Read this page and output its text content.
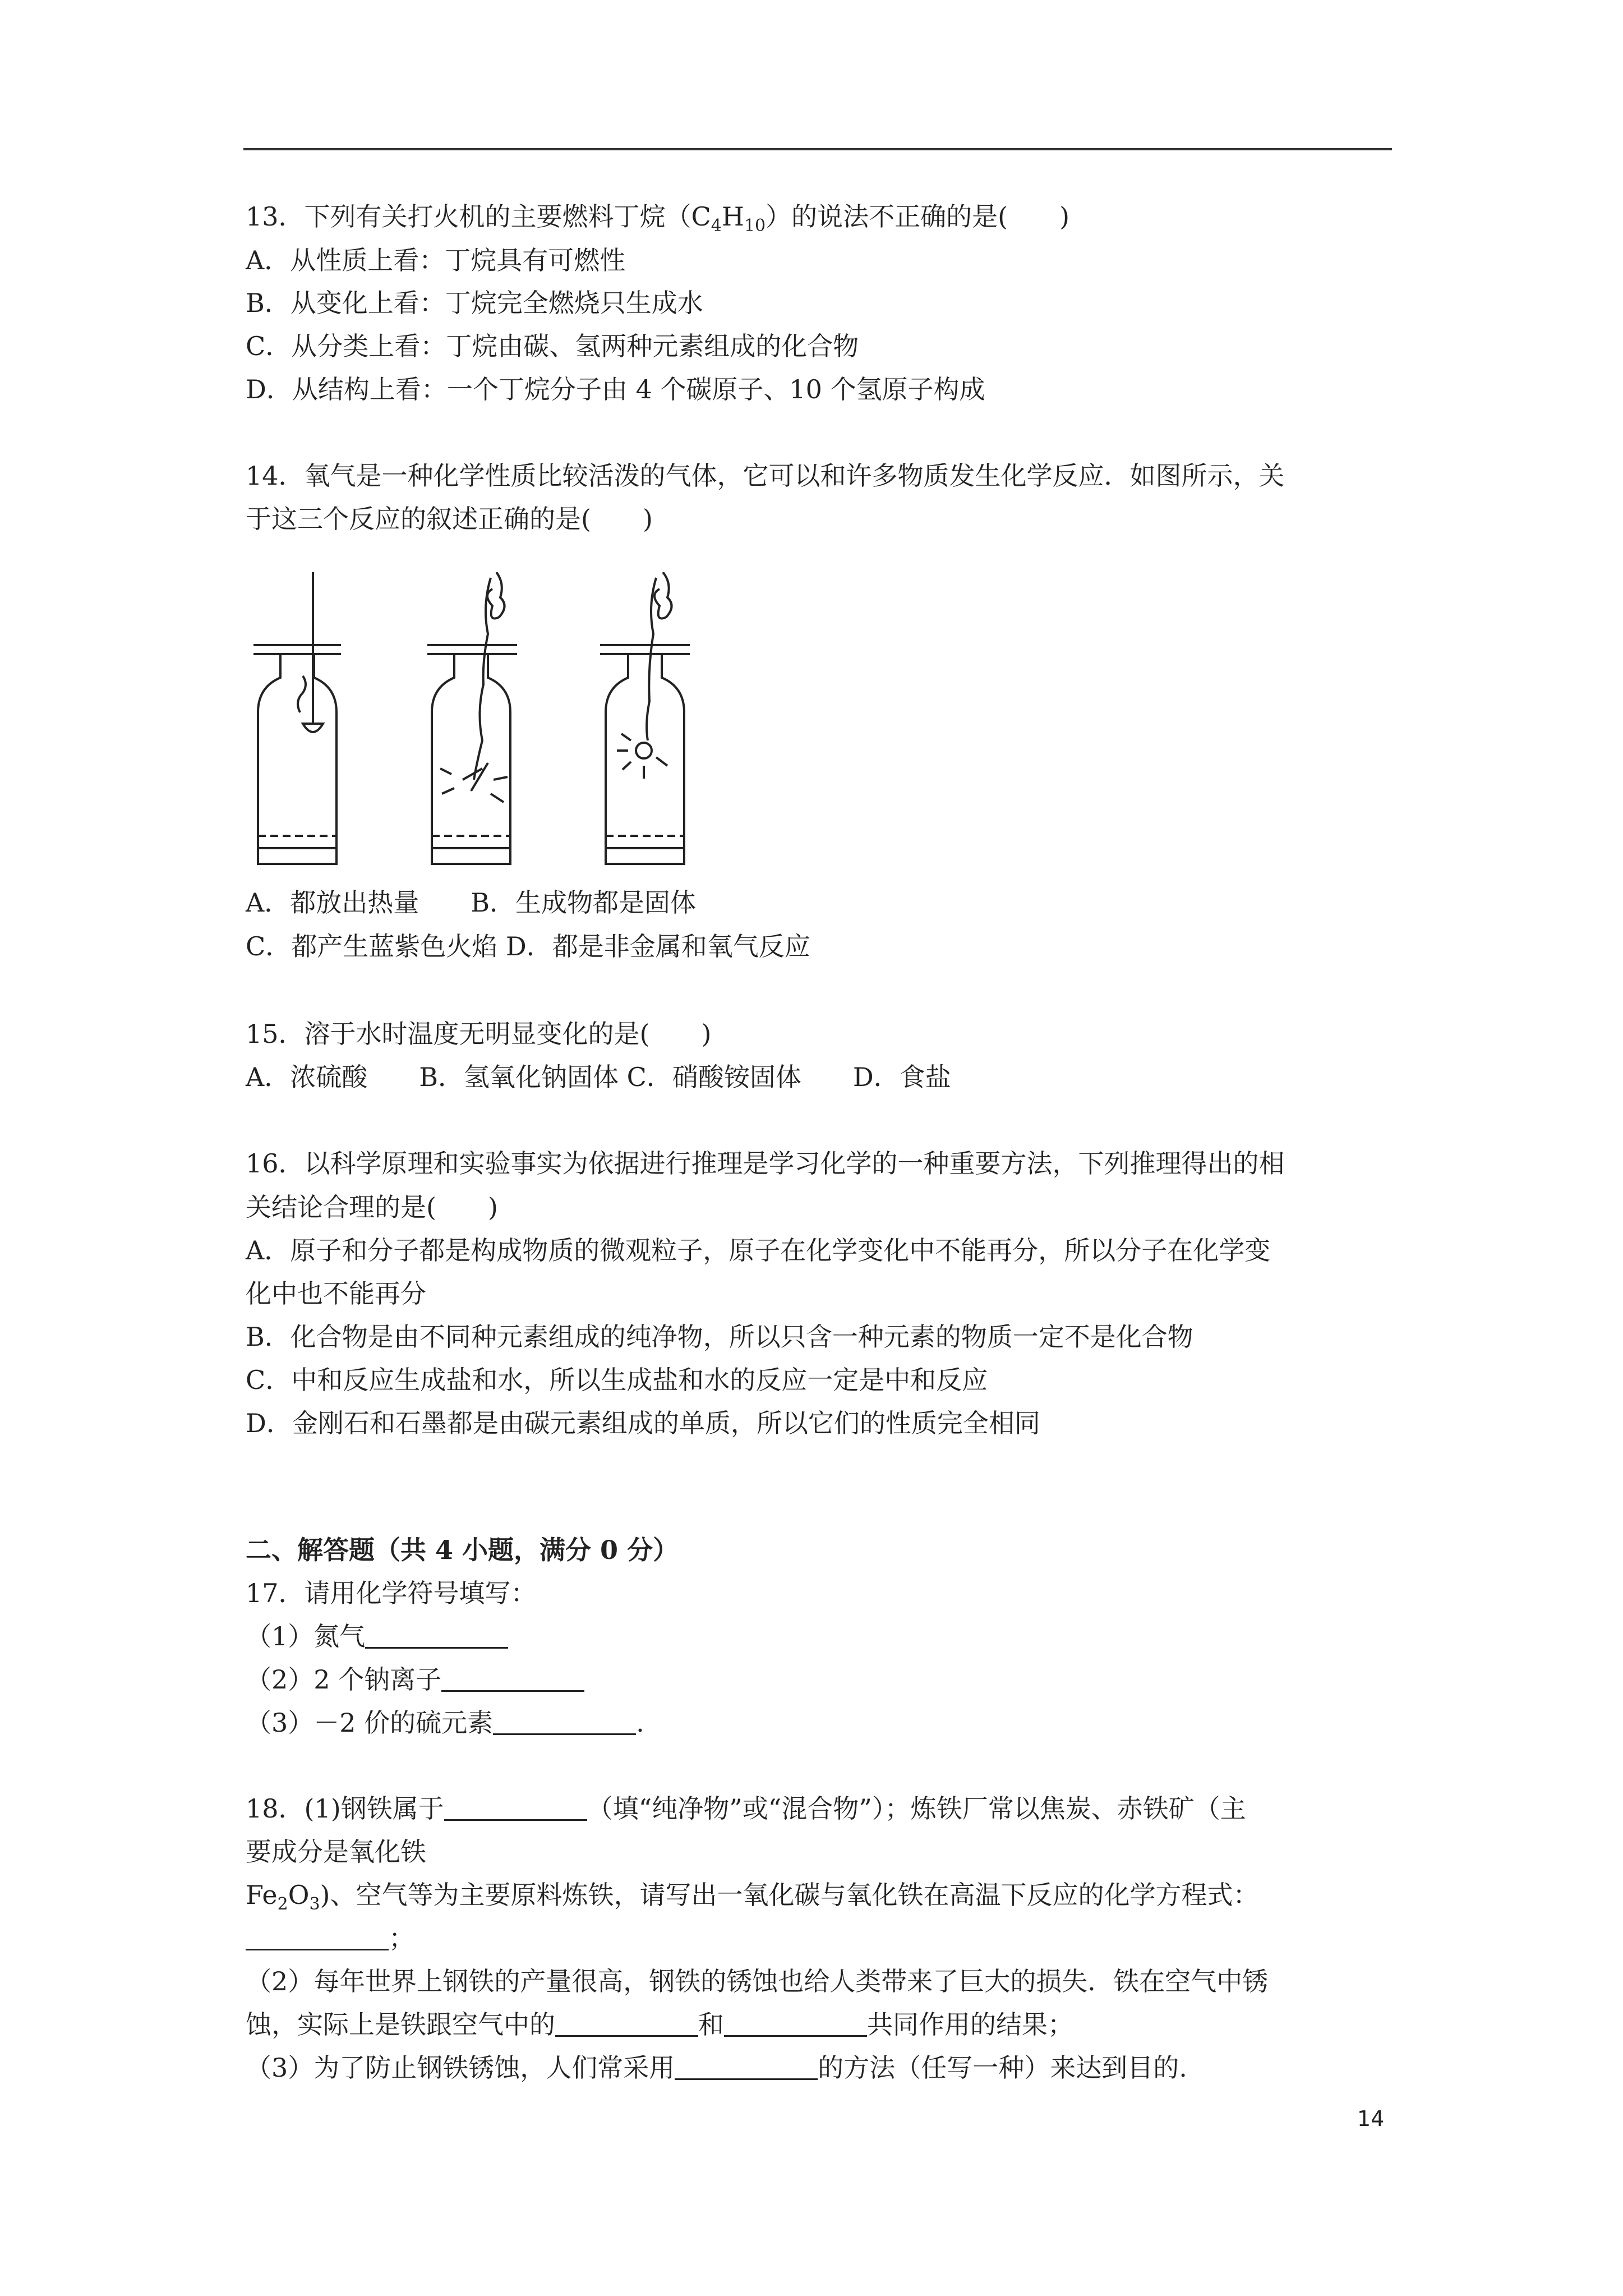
13．下列有关打火机的主要燃料丁烷$(C_4H_{10})$的说法不正确的是(　　)
A．从性质上看：丁烷具有可燃性
B．从变化上看：丁烷完全燃烧只生成水
C．从分类上看：丁烷由碳、氢两种元素组成的化合物
D．从结构上看：一个丁烷分子由 4 个碳原子、10 个氢原子构成
14．氧气是一种化学性质比较活泼的气体，它可以和许多物质发生化学反应．如图所示，关
于这三个反应的叙述正确的是(　　)
A．都放出热量　　B．生成物都是固体
C．都产生蓝紫色火焰 D．都是非金属和氧气反应
15．溶于水时温度无明显变化的是(　　)
A．浓硫酸　　B．氢氧化钠固体 C．硝酸铵固体　　D．食盐
16．以科学原理和实验事实为依据进行推理是学习化学的一种重要方法，下列推理得出的相
关结论合理的是(　　)
A．原子和分子都是构成物质的微观粒子，原子在化学变化中不能再分，所以分子在化学变
化中也不能再分
B．化合物是由不同种元素组成的纯净物，所以只含一种元素的物质一定不是化合物
C．中和反应生成盐和水，所以生成盐和水的反应一定是中和反应
D．金刚石和石墨都是由碳元素组成的单质，所以它们的性质完全相同
二、解答题（共 4 小题，满分 0 分）
17．请用化学符号填写：
（1）氮气
（2）2 个钠离子
（3）－2 价的硫元素	.
18．(1)钢铁属于	（填“纯净物”或“混合物”）；炼铁厂常以焦炭、赤铁矿（主
要成分是氧化铁
$Fe_2O_3$)、空气等为主要原料炼铁，请写出一氧化碳与氧化铁在高温下反应的化学方程式：
；
（2）每年世界上钢铁的产量很高，钢铁的锈蚀也给人类带来了巨大的损失．铁在空气中锈
蚀，实际上是铁跟空气中的	和	共同作用的结果；
（3）为了防止钢铁锈蚀，人们常采用	的方法（任写一种）来达到目的.
14
